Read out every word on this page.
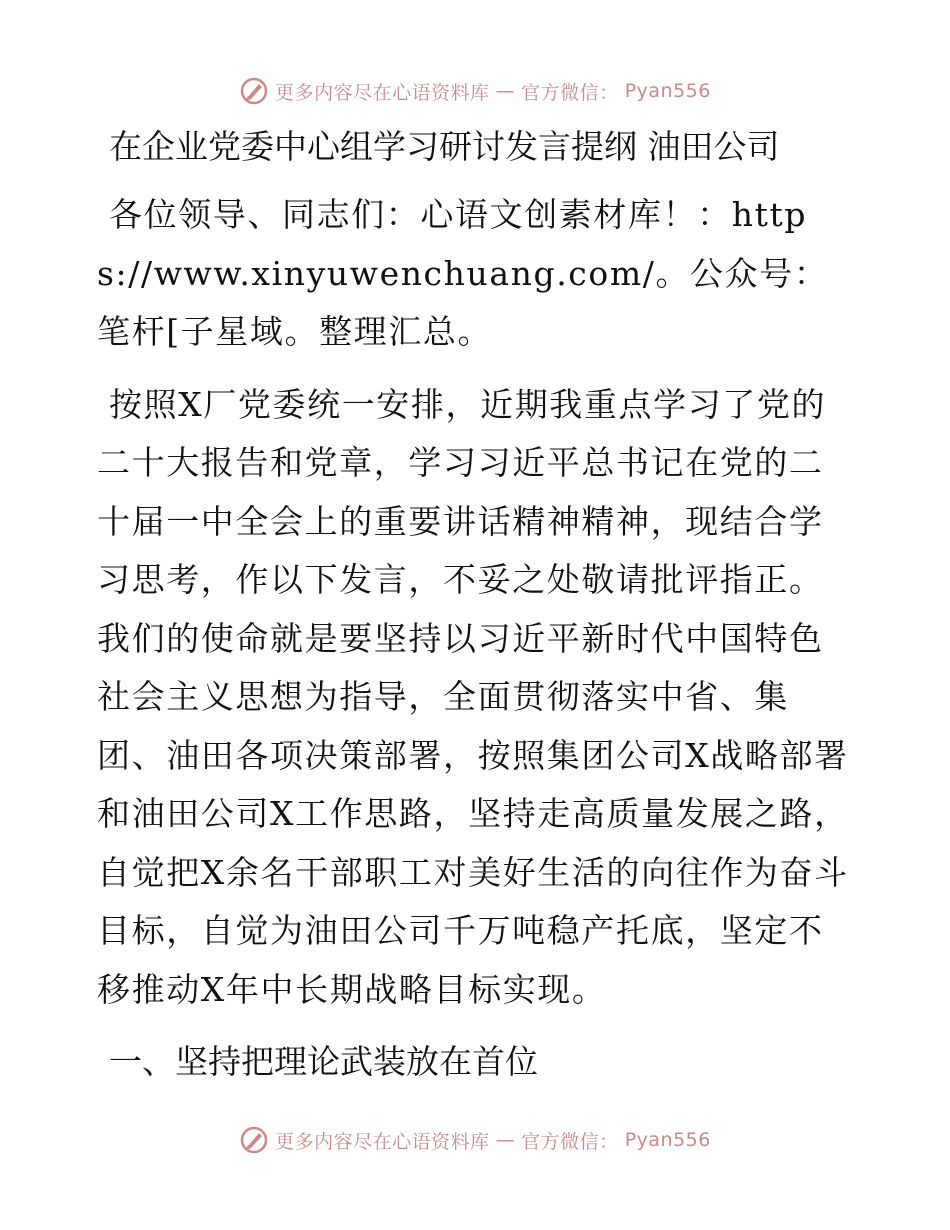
更多内容尽在心语资料库 — 官方微信： Pyan556
在企业党委中心组学习研讨发言提纲 油田公司
各位领导、同志们：心语文创素材库！：https://www.xinyuwenchuang.com/。公众号：笔杆[子星域。整理汇总。
按照X厂党委统一安排，近期我重点学习了党的二十大报告和党章，学习习近平总书记在党的二十届一中全会上的重要讲话精神精神，现结合学习思考，作以下发言，不妥之处敬请批评指正。我们的使命就是要坚持以习近平新时代中国特色社会主义思想为指导，全面贯彻落实中省、集团、油田各项决策部署，按照集团公司X战略部署和油田公司X工作思路，坚持走高质量发展之路，自觉把X余名干部职工对美好生活的向往作为奋斗目标，自觉为油田公司千万吨稳产托底，坚定不移推动X年中长期战略目标实现。
一、坚持把理论武装放在首位
更多内容尽在心语资料库 — 官方微信： Pyan556
